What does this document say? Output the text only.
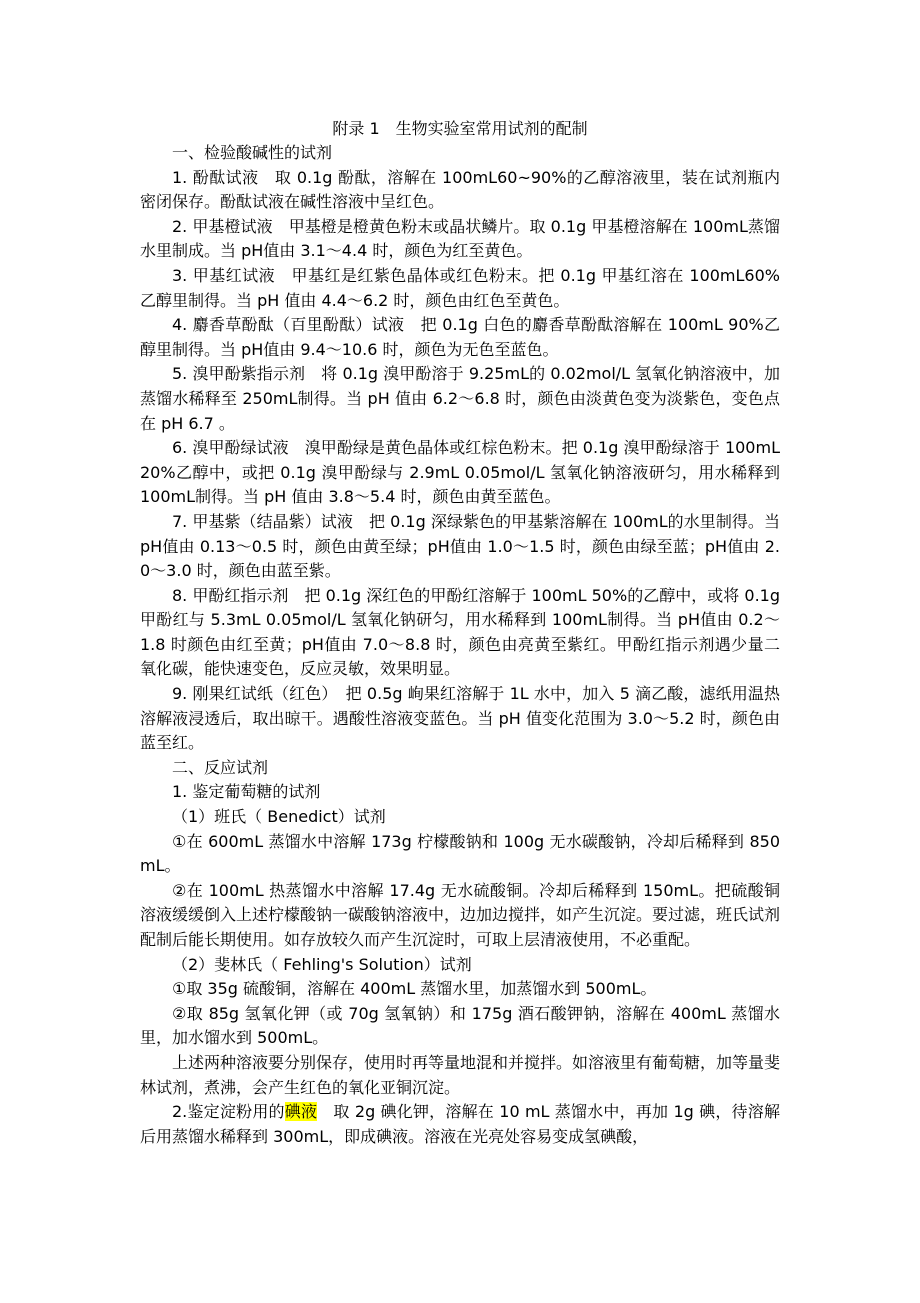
附录 1　生物实验室常用试剂的配制

一、检验酸碱性的试剂

1. 酚酞试液　取 0.1g 酚酞，溶解在 100mL60~90%的乙醇溶液里，装在试剂瓶内密闭保存。酚酞试液在碱性溶液中呈红色。

2. 甲基橙试液　甲基橙是橙黄色粉末或晶状鳞片。取 0.1g 甲基橙溶解在 100mL蒸馏水里制成。当 pH值由 3.1～4.4 时，颜色为红至黄色。

3. 甲基红试液　甲基红是红紫色晶体或红色粉末。把 0.1g 甲基红溶在 100mL60%乙醇里制得。当 pH 值由 4.4～6.2 时，颜色由红色至黄色。

4. 麝香草酚酞（百里酚酞）试液　把 0.1g 白色的麝香草酚酞溶解在 100mL 90%乙醇里制得。当 pH值由 9.4～10.6 时，颜色为无色至蓝色。

5. 溴甲酚紫指示剂　将 0.1g 溴甲酚溶于 9.25mL的 0.02mol/L 氢氧化钠溶液中，加蒸馏水稀释至 250mL制得。当 pH 值由 6.2～6.8 时，颜色由淡黄色变为淡紫色，变色点在 pH 6.7 。

6. 溴甲酚绿试液　溴甲酚绿是黄色晶体或红棕色粉末。把 0.1g 溴甲酚绿溶于 100mL 20%乙醇中，或把 0.1g 溴甲酚绿与 2.9mL 0.05mol/L 氢氧化钠溶液研匀，用水稀释到 100mL制得。当 pH 值由 3.8～5.4 时，颜色由黄至蓝色。

7. 甲基紫（结晶紫）试液　把 0.1g 深绿紫色的甲基紫溶解在 100mL的水里制得。当 pH值由 0.13～0.5 时，颜色由黄至绿；pH值由 1.0～1.5 时，颜色由绿至蓝；pH值由 2.0～3.0 时，颜色由蓝至紫。

8. 甲酚红指示剂　把 0.1g 深红色的甲酚红溶解于 100mL 50%的乙醇中，或将 0.1g 甲酚红与 5.3mL 0.05mol/L 氢氧化钠研匀，用水稀释到 100mL制得。当 pH值由 0.2～1.8 时颜色由红至黄；pH值由 7.0～8.8 时，颜色由亮黄至紫红。甲酚红指示剂遇少量二氧化碳，能快速变色，反应灵敏，效果明显。

9. 刚果红试纸（红色）　把 0.5g 峋果红溶解于 1L 水中，加入 5 滴乙酸，滤纸用温热溶解液浸透后，取出晾干。遇酸性溶液变蓝色。当 pH 值变化范围为 3.0～5.2 时，颜色由蓝至红。

二、反应试剂

1. 鉴定葡萄糖的试剂

（1）班氏（ Benedict）试剂

①在 600mL 蒸馏水中溶解 173g 柠檬酸钠和 100g 无水碳酸钠，冷却后稀释到 850mL。

②在 100mL 热蒸馏水中溶解 17.4g 无水硫酸铜。冷却后稀释到 150mL。把硫酸铜溶液缓缓倒入上述柠檬酸钠一碳酸钠溶液中，边加边搅拌，如产生沉淀。要过滤，班氏试剂配制后能长期使用。如存放较久而产生沉淀时，可取上层清液使用，不必重配。

（2）斐林氏（ Fehling's Solution）试剂

①取 35g 硫酸铜，溶解在 400mL 蒸馏水里，加蒸馏水到 500mL。

②取 85g 氢氧化钾（或 70g 氢氧钠）和 175g 酒石酸钾钠，溶解在 400mL 蒸馏水里，加水馏水到 500mL。

上述两种溶液要分别保存，使用时再等量地混和并搅拌。如溶液里有葡萄糖，加等量斐林试剂，煮沸，会产生红色的氧化亚铜沉淀。

2.鉴定淀粉用的碘液　取 2g 碘化钾，溶解在 10 mL 蒸馏水中，再加 1g 碘，待溶解后用蒸馏水稀释到 300mL，即成碘液。溶液在光亮处容易变成氢碘酸，
